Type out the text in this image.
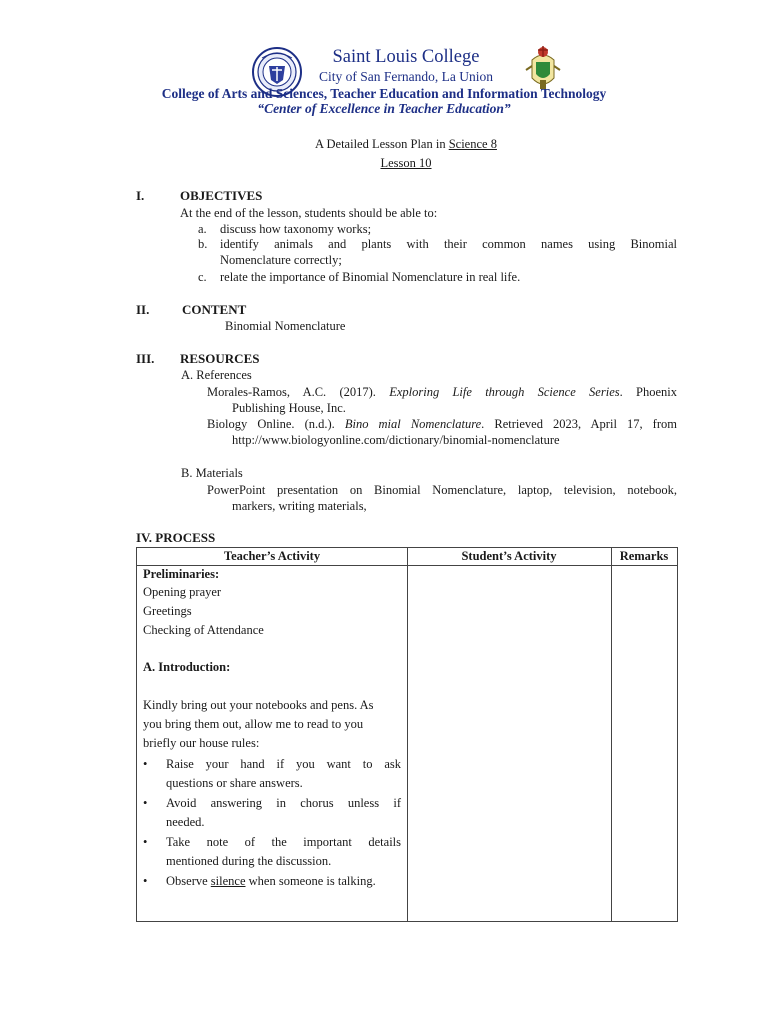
Saint Louis College
City of San Fernando, La Union
College of Arts and Sciences, Teacher Education and Information Technology
“Center of Excellence in Teacher Education”
A Detailed Lesson Plan in Science 8
Lesson 10
I.	OBJECTIVES
At the end of the lesson, students should be able to:
a. discuss how taxonomy works;
b. identify animals and plants with their common names using Binomial
Nomenclature correctly;
c. relate the importance of Binomial Nomenclature in real life.
II.	CONTENT
Binomial Nomenclature
III. RESOURCES
A. References
Morales-Ramos, A.C. (2017). Exploring Life through Science Series. Phoenix
Publishing House, Inc.
Biology Online. (n.d.). Bino mial Nomenclature. Retrieved 2023, April 17, from
http://www.biologyonline.com/dictionary/binomial-nomenclature
B. Materials
PowerPoint presentation on Binomial Nomenclature, laptop, television, notebook,
markers, writing materials,
IV. PROCESS
Teacher’s Activity	Student’s Activity	Remarks
Preliminaries:
Opening prayer
Greetings
Checking of Attendance
A. Introduction:
Kindly bring out your notebooks and pens. As
you bring them out, allow me to read to you
briefly our house rules:
• Raise your hand if you want to ask
questions or share answers.
• Avoid answering in chorus unless if
needed.
• Take note of the important details
mentioned during the discussion.
• Observe silence when someone is talking.
